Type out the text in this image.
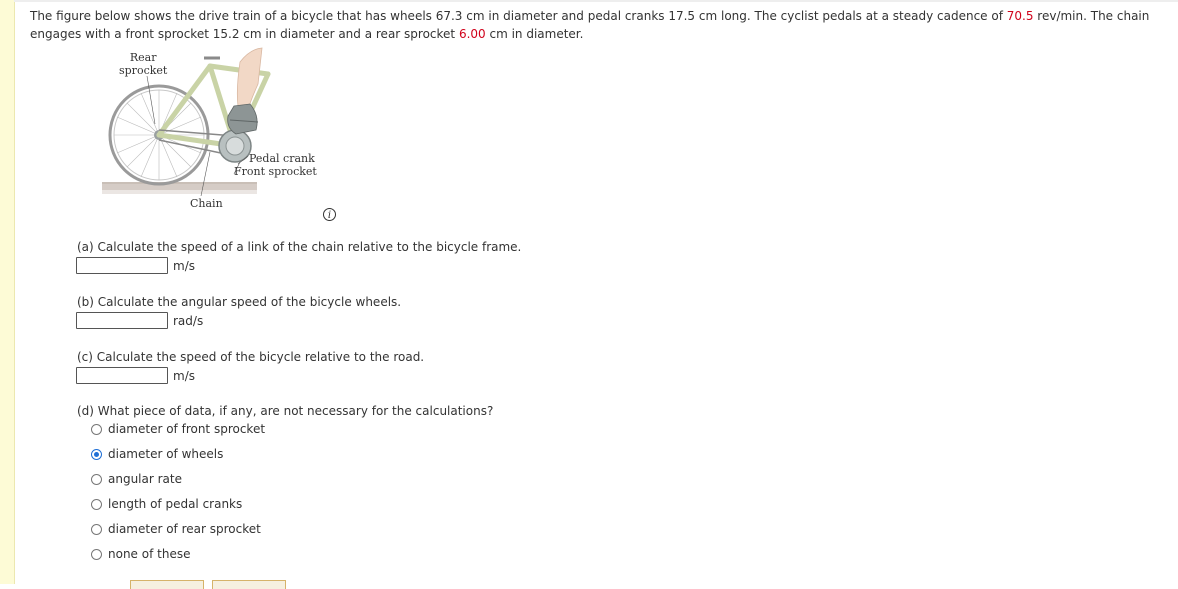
The figure below shows the drive train of a bicycle that has wheels 67.3 cm in diameter and pedal cranks 17.5 cm long. The cyclist pedals at a steady cadence of 70.5 rev/min. The chain engages with a front sprocket 15.2 cm in diameter and a rear sprocket 6.00 cm in diameter.
Rear
sprocket
Pedal crank
Front sprocket
Chain
i
(a) Calculate the speed of a link of the chain relative to the bicycle frame.
m/s
(b) Calculate the angular speed of the bicycle wheels.
rad/s
(c) Calculate the speed of the bicycle relative to the road.
m/s
(d) What piece of data, if any, are not necessary for the calculations?
diameter of front sprocket
diameter of wheels
angular rate
length of pedal cranks
diameter of rear sprocket
none of these
